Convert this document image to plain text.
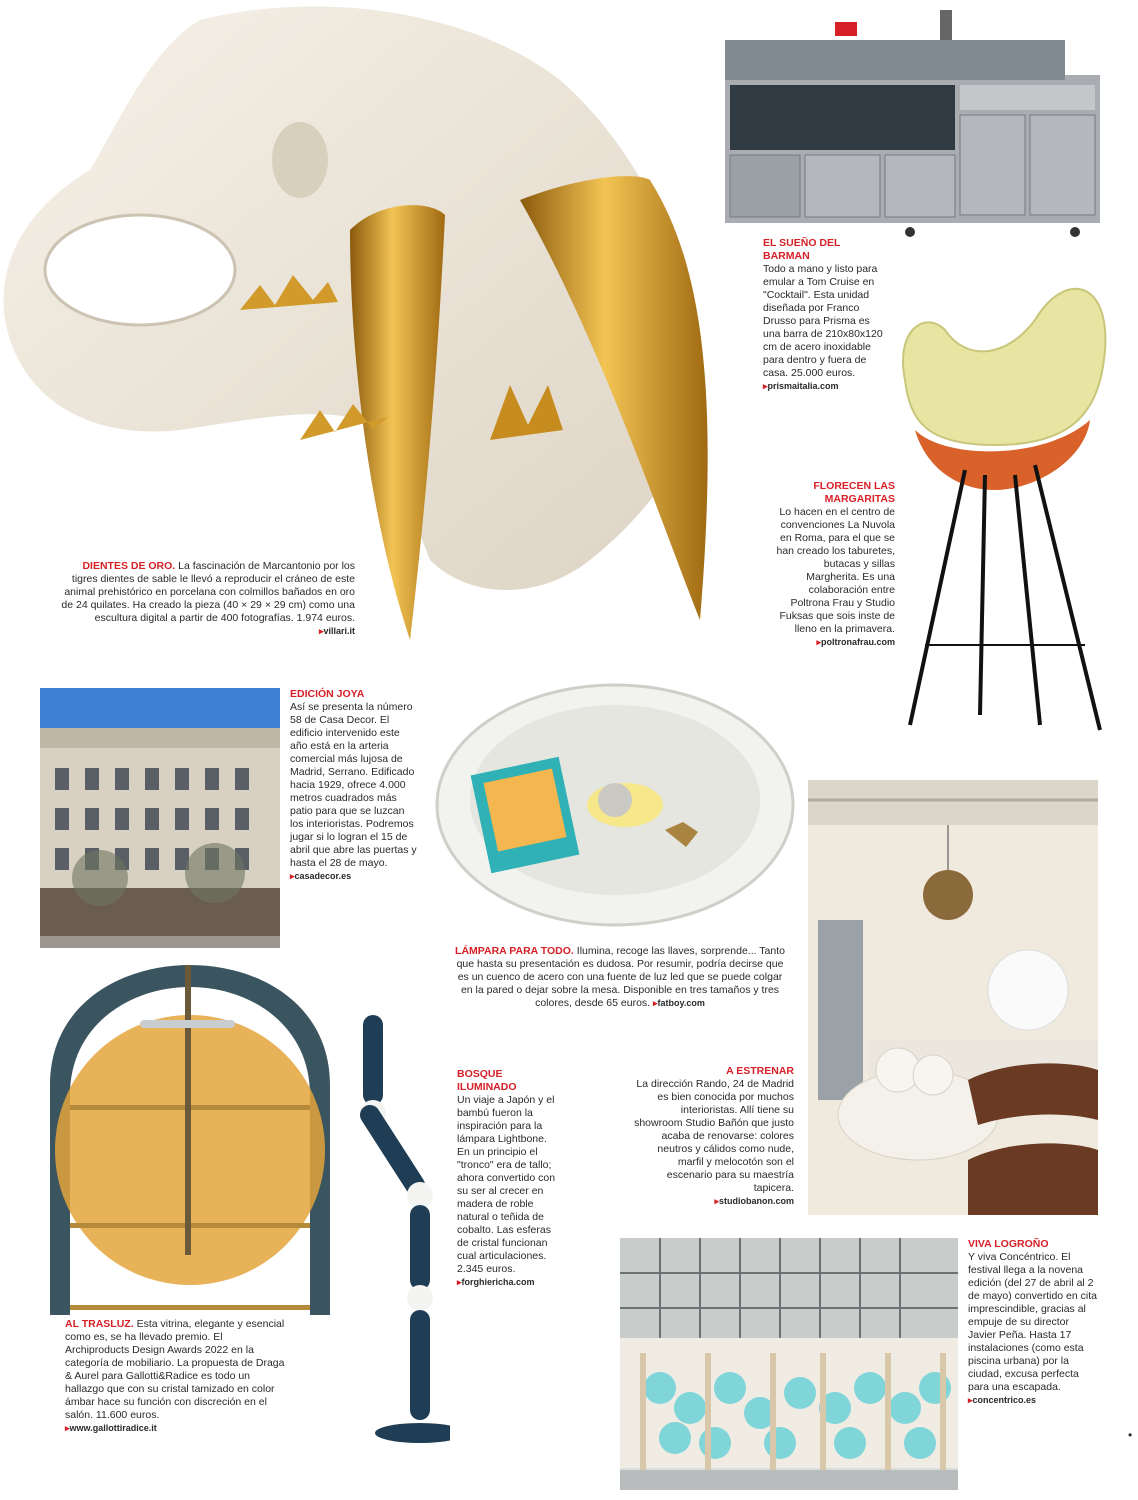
DIENTES DE ORO. La fascinación de Marcantonio por los tigres dientes de sable le llevó a reproducir el cráneo de este animal prehistórico en porcelana con colmillos bañados en oro de 24 quilates. Ha creado la pieza (40 × 29 × 29 cm) como una escultura digital a partir de 400 fotografías. 1.974 euros.
▸ villari.it
EL SUEÑO DEL BARMAN
Todo a mano y listo para emular a Tom Cruise en "Cocktail". Esta unidad diseñada por Franco Drusso para Prisma es una barra de 210x80x120 cm de acero inoxidable para dentro y fuera de casa. 25.000 euros.
▸ prismaitalia.com
FLORECEN LAS MARGARITAS
Lo hacen en el centro de convenciones La Nuvola en Roma, para el que se han creado los taburetes, butacas y sillas Margherita. Es una colaboración entre Poltrona Frau y Studio Fuksas que sois inste de lleno en la primavera.
▸ poltronafrau.com
EDICIÓN JOYA
Así se presenta la número 58 de Casa Decor. El edificio intervenido este año está en la arteria comercial más lujosa de Madrid, Serrano. Edificado hacia 1929, ofrece 4.000 metros cuadrados más patio para que se luzcan los interioristas. Podremos jugar si lo logran el 15 de abril que abre las puertas y hasta el 28 de mayo.
▸ casadecor.es
LÁMPARA PARA TODO. Ilumina, recoge las llaves, sorprende... Tanto que hasta su presentación es dudosa. Por resumir, podría decirse que es un cuenco de acero con una fuente de luz led que se puede colgar en la pared o dejar sobre la mesa. Disponible en tres tamaños y tres colores, desde 65 euros. ▸ fatboy.com
A ESTRENAR
La dirección Rando, 24 de Madrid es bien conocida por muchos interioristas. Allí tiene su showroom Studio Bañón que justo acaba de renovarse: colores neutros y cálidos como nude, marfil y melocotón son el escenario para su maestría tapicera.
▸ studiobanon.com
AL TRASLUZ. Esta vitrina, elegante y esencial como es, se ha llevado premio. El Archiproducts Design Awards 2022 en la categoría de mobiliario. La propuesta de Draga & Aurel para Gallotti&Radice es todo un hallazgo que con su cristal tamizado en color ámbar hace su función con discreción en el salón. 11.600 euros.
▸ www.gallottiradice.it
BOSQUE ILUMINADO
Un viaje a Japón y el bambú fueron la inspiración para la lámpara Lightbone. En un principio el "tronco" era de tallo; ahora convertido con su ser al crecer en madera de roble natural o teñida de cobalto. Las esferas de cristal funcionan cual articulaciones. 2.345 euros.
▸ forghiericha.com
VIVA LOGROÑO
Y viva Concéntrico. El festival llega a la novena edición (del 27 de abril al 2 de mayo) convertido en cita imprescindible, gracias al empuje de su director Javier Peña. Hasta 17 instalaciones (como esta piscina urbana) por la ciudad, excusa perfecta para una escapada.
▸ concentrico.es
•
